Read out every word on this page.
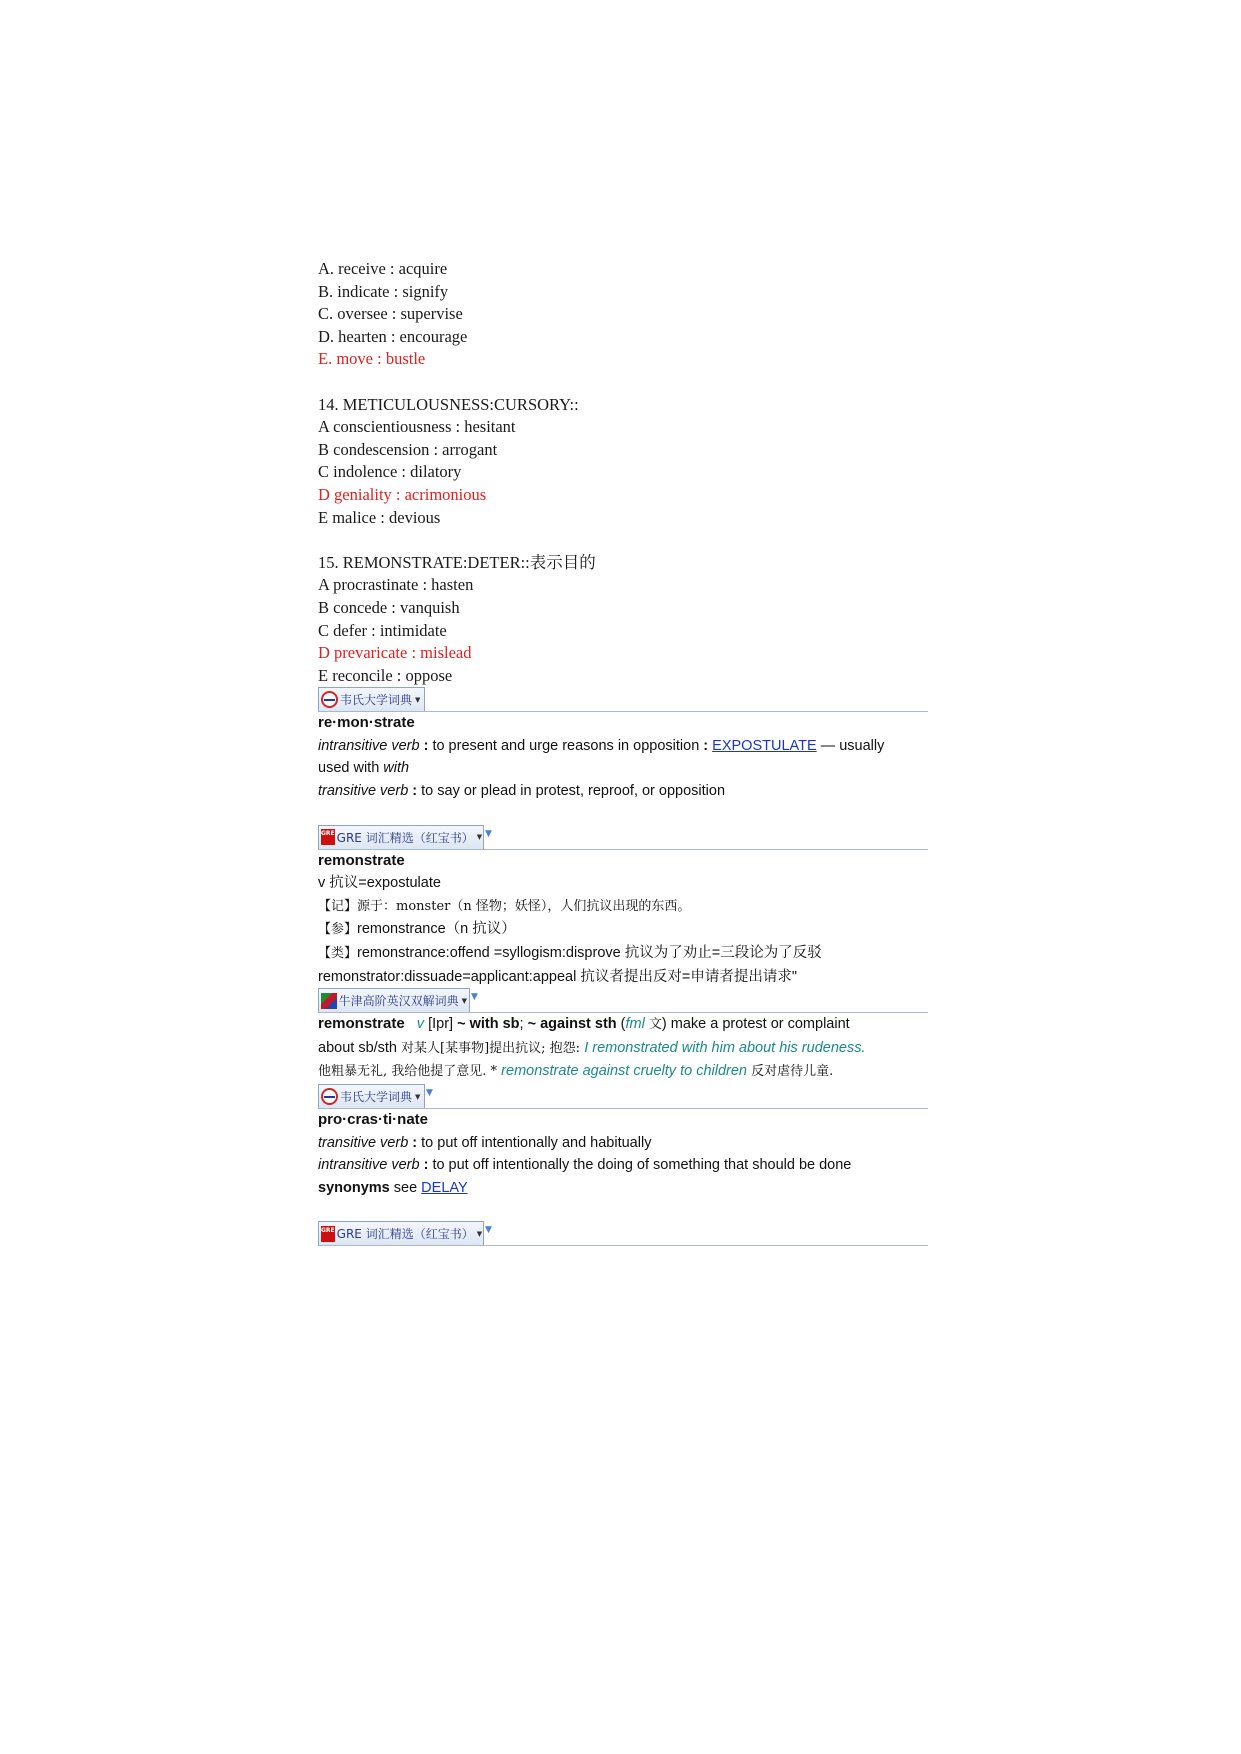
A. receive : acquire
B. indicate : signify
C. oversee : supervise
D. hearten : encourage
E. move : bustle
14. METICULOUSNESS:CURSORY::
A conscientiousness : hesitant
B condescension : arrogant
C indolence : dilatory
D geniality : acrimonious
E malice : devious
15. REMONSTRATE:DETER::表示目的
A procrastinate : hasten
B concede : vanquish
C defer : intimidate
D prevaricate : mislead
E reconcile : oppose
韦氏大学词典 ▼
re·mon·strate
intransitive verb : to present and urge reasons in opposition : EXPOSTULATE — usually
used with with
transitive verb : to say or plead in protest, reproof, or opposition
GRE GRE 词汇精选（红宝书） ▼ ▼
remonstrate
v 抗议=expostulate
【记】源于：monster（n 怪物；妖怪），人们抗议出现的东西。
【参】remonstrance（n 抗议）
【类】remonstrance:offend =syllogism:disprove 抗议为了劝止=三段论为了反驳
remonstrator:dissuade=applicant:appeal 抗议者提出反对=申请者提出请求"
牛津高阶英汉双解词典 ▼ ▼
remonstrate v [Ipr] ~ with sb; ~ against sth (fml 文) make a protest or complaint
about sb/sth 对某人[某事物]提出抗议; 抱怨: I remonstrated with him about his rudeness.
他粗暴无礼, 我给他提了意见. * remonstrate against cruelty to children 反对虐待儿童.
韦氏大学词典 ▼ ▼
pro·cras·ti·nate
transitive verb : to put off intentionally and habitually
intransitive verb : to put off intentionally the doing of something that should be done
synonyms see DELAY
GRE GRE 词汇精选（红宝书） ▼ ▼
